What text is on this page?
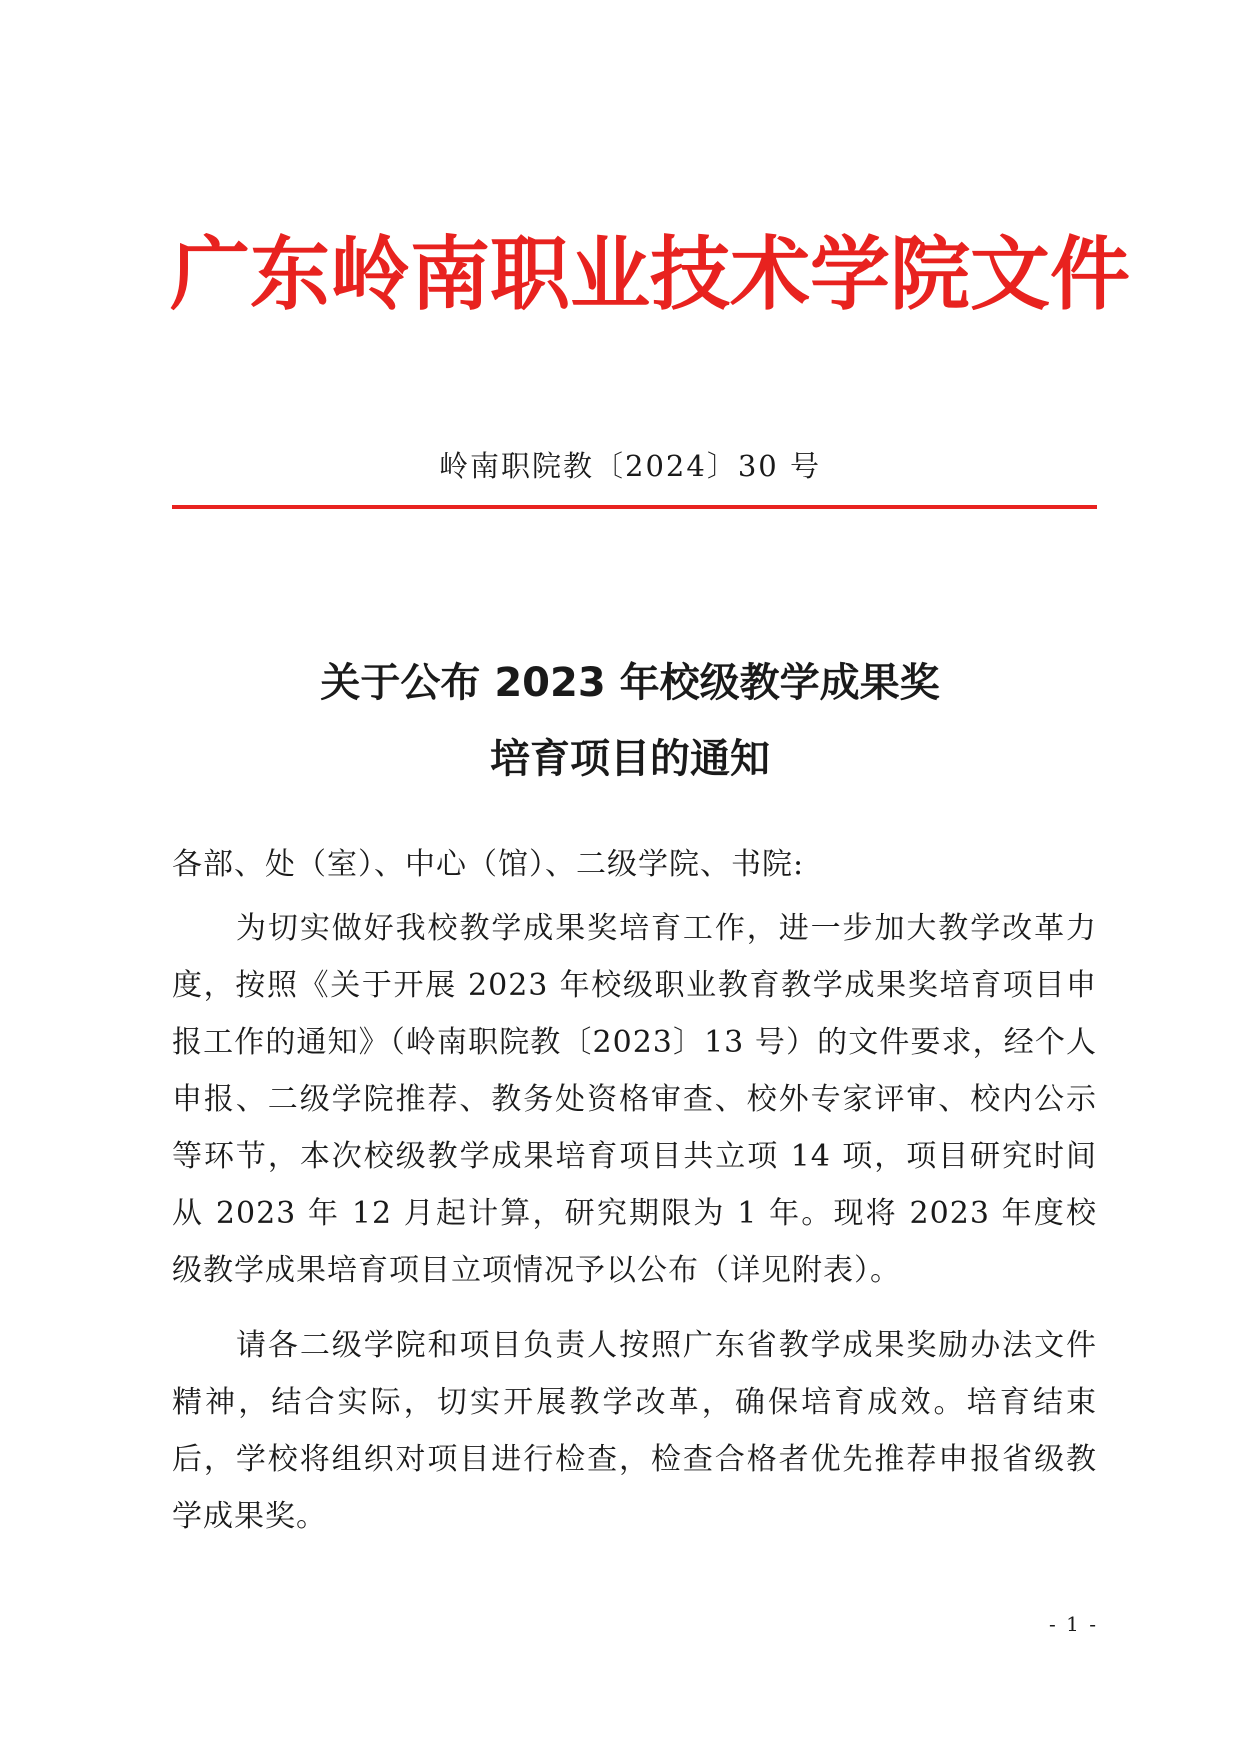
广东岭南职业技术学院文件
岭南职院教〔2024〕30 号
关于公布 2023 年校级教学成果奖
培育项目的通知
各部、处（室）、中心（馆）、二级学院、书院:
为切实做好我校教学成果奖培育工作，进一步加大教学改革力度，按照《关于开展 2023 年校级职业教育教学成果奖培育项目申报工作的通知》（岭南职院教〔2023〕13 号）的文件要求，经个人申报、二级学院推荐、教务处资格审查、校外专家评审、校内公示等环节，本次校级教学成果培育项目共立项 14 项，项目研究时间从 2023 年 12 月起计算，研究期限为 1 年。现将 2023 年度校级教学成果培育项目立项情况予以公布（详见附表）。
请各二级学院和项目负责人按照广东省教学成果奖励办法文件精神，结合实际，切实开展教学改革，确保培育成效。培育结束后，学校将组织对项目进行检查，检查合格者优先推荐申报省级教学成果奖。
- 1 -
